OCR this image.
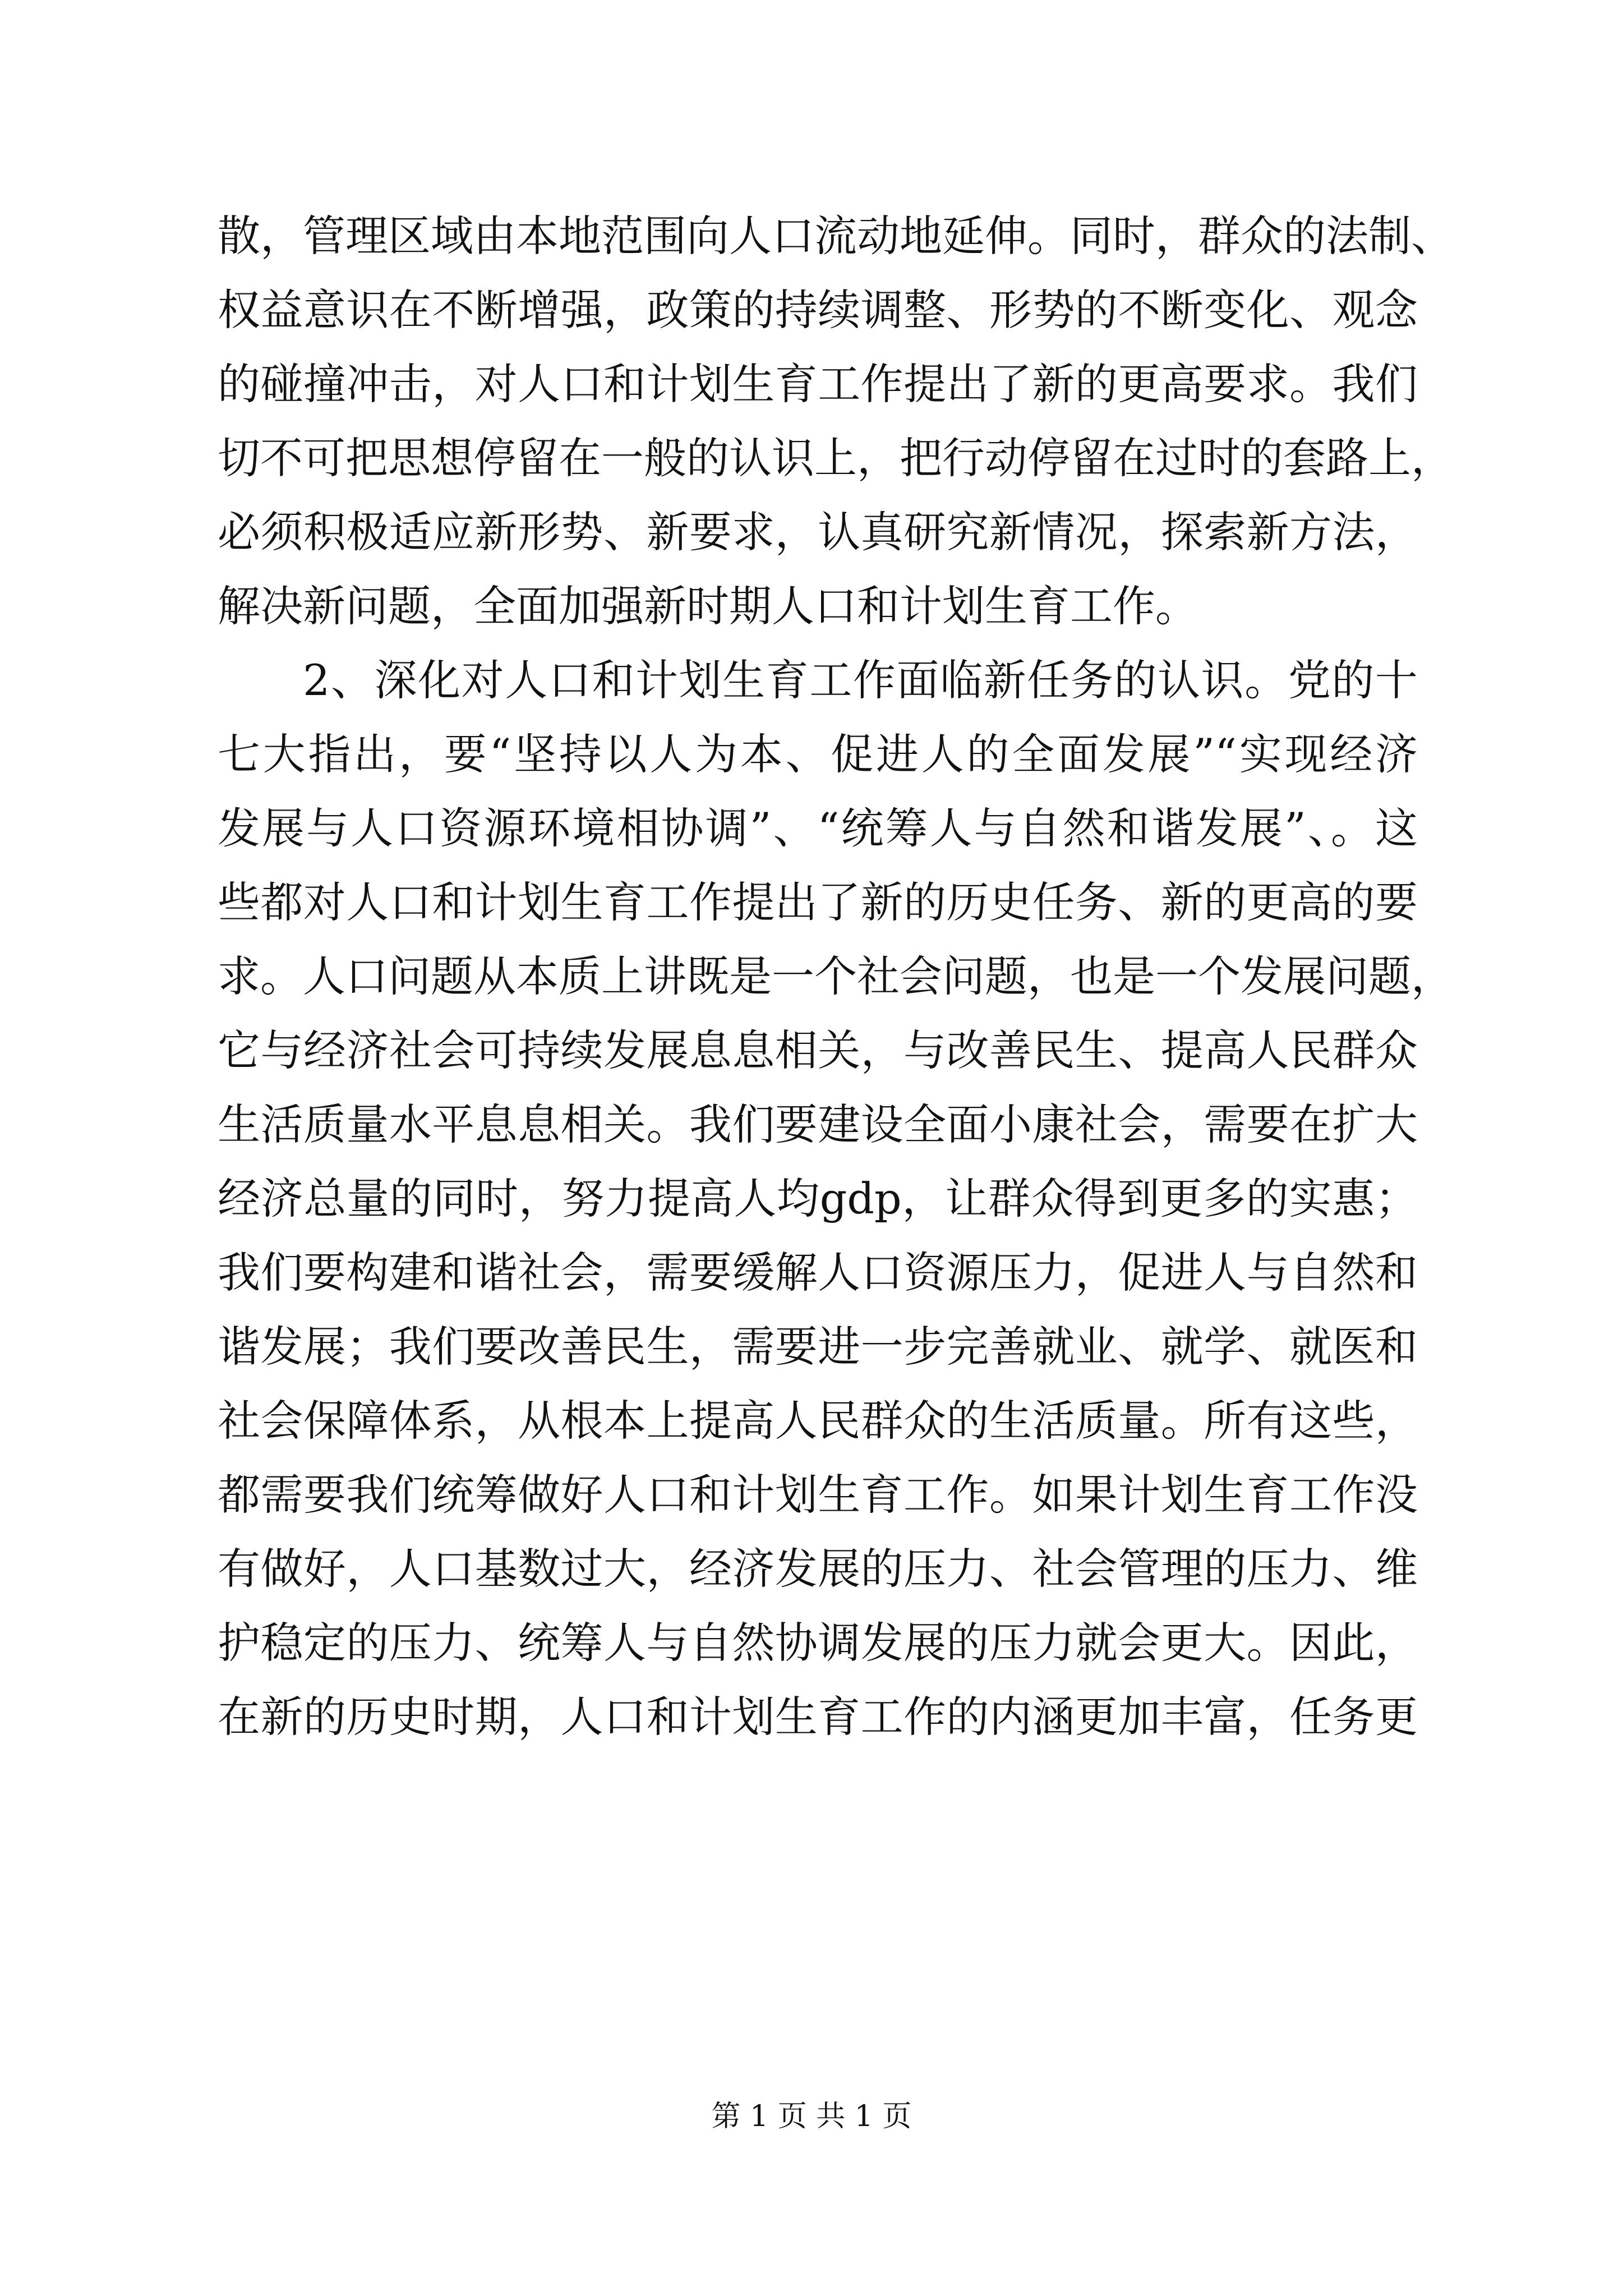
散，管理区域由本地范围向人口流动地延伸。同时，群众的法制、
权益意识在不断增强，政策的持续调整、形势的不断变化、观念
的碰撞冲击，对人口和计划生育工作提出了新的更高要求。我们
切不可把思想停留在一般的认识上，把行动停留在过时的套路上，
必须积极适应新形势、新要求，认真研究新情况，探索新方法，
解决新问题，全面加强新时期人口和计划生育工作。
2、深化对人口和计划生育工作面临新任务的认识。党的十
七大指出，要“坚持以人为本、促进人的全面发展”“实现经济
发展与人口资源环境相协调”、“统筹人与自然和谐发展”、。这
些都对人口和计划生育工作提出了新的历史任务、新的更高的要
求。人口问题从本质上讲既是一个社会问题，也是一个发展问题，
它与经济社会可持续发展息息相关，与改善民生、提高人民群众
生活质量水平息息相关。我们要建设全面小康社会，需要在扩大
经济总量的同时，努力提高人均gdp，让群众得到更多的实惠；
我们要构建和谐社会，需要缓解人口资源压力，促进人与自然和
谐发展；我们要改善民生，需要进一步完善就业、就学、就医和
社会保障体系，从根本上提高人民群众的生活质量。所有这些，
都需要我们统筹做好人口和计划生育工作。如果计划生育工作没
有做好，人口基数过大，经济发展的压力、社会管理的压力、维
护稳定的压力、统筹人与自然协调发展的压力就会更大。因此，
在新的历史时期，人口和计划生育工作的内涵更加丰富，任务更
第 1 页 共 1 页
